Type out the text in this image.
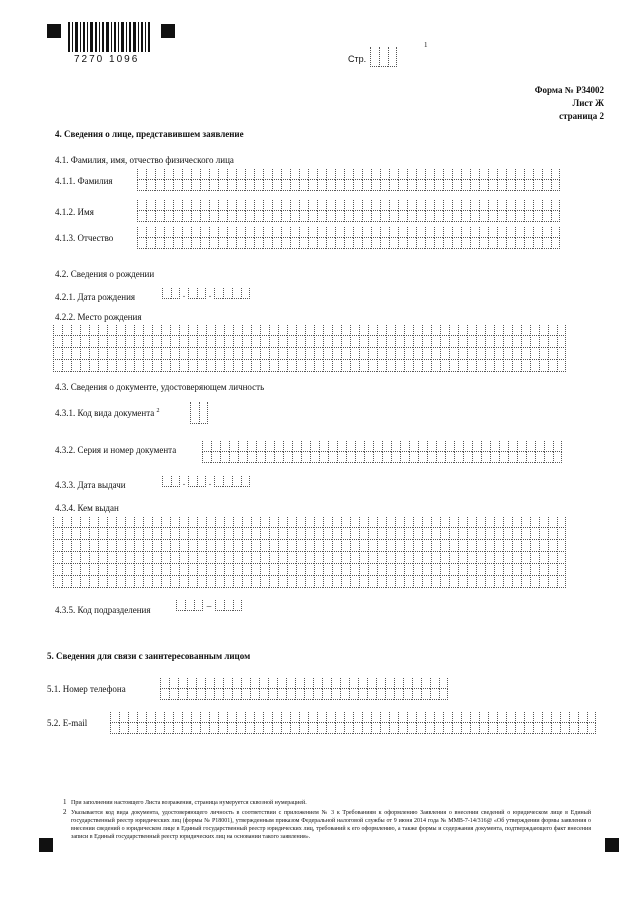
7270 1096	Стр.
1
Форма № Р34002
Лист Ж
страница 2
4. Сведения о лице, представившем заявление
4.1. Фамилия, имя, отчество физического лица
4.1.1. Фамилия
4.1.2. Имя
4.1.3. Отчество
4.2. Сведения о рождении
4.2.1. Дата рождения	.	.
4.2.2. Место рождения
4.3. Сведения о документе, удостоверяющем личность
4.3.1. Код вида документа $^2$
4.3.2. Серия и номер документа
4.3.3. Дата выдачи	.	.
4.3.4. Кем выдан
4.3.5. Код подразделения	–
5. Сведения для связи с заинтересованным лицом
5.1. Номер телефона
5.2. E-mail
1 При заполнении настоящего Листа возражения, страница нумеруется сквозной нумерацией.
2 Указывается код вида документа, удостоверяющего личность в соответствии с приложением № 3 к Требованиям к оформлению Заявления о внесении сведений о юридическом лице в Единый государственный реестр юридических лиц (формы № Р18001), утвержденным приказом Федеральной налоговой службы от 9 июня 2014 года № ММВ-7-14/316@ «Об утверждении формы заявления о внесении сведений о юридическом лице в Единый государственный реестр юридических лиц, требований к его оформлению, а также формы и содержания документа, подтверждающего факт внесения записи в Единый государственный реестр юридических лиц на основании такого заявления».
